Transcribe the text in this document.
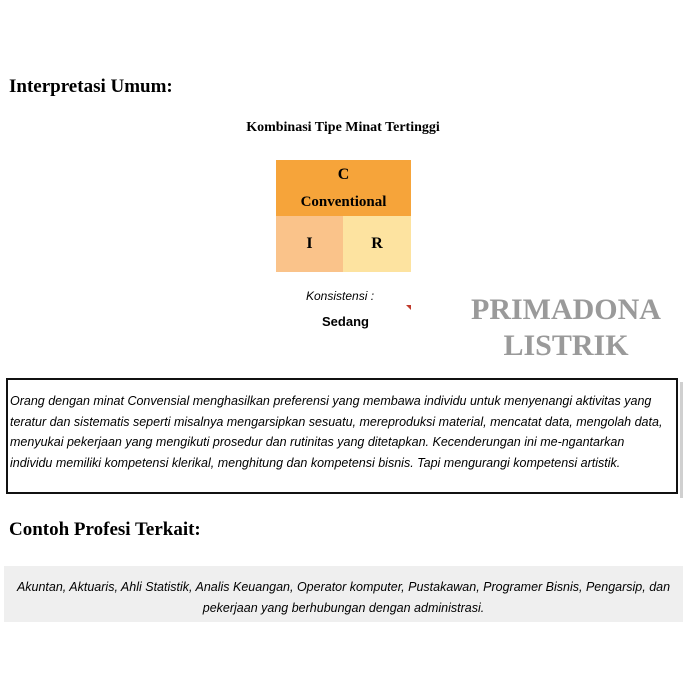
Interpretasi Umum:
Kombinasi Tipe Minat Tertinggi
C
Conventional
I	R
Konsistensi :
Sedang	PRIMADONA
LISTRIK
Orang dengan minat Convensial menghasilkan preferensi yang membawa individu untuk menyenangi aktivitas yang teratur dan sistematis seperti misalnya mengarsipkan sesuatu, mereproduksi material, mencatat data, mengolah data, menyukai pekerjaan yang mengikuti prosedur dan rutinitas yang ditetapkan. Kecenderungan ini me-ngantarkan individu memiliki kompetensi klerikal, menghitung dan kompetensi bisnis. Tapi mengurangi kompetensi artistik.
Contoh Profesi Terkait:
Akuntan, Aktuaris, Ahli Statistik, Analis Keuangan, Operator komputer, Pustakawan, Programer Bisnis, Pengarsip, dan pekerjaan yang berhubungan dengan administrasi.
